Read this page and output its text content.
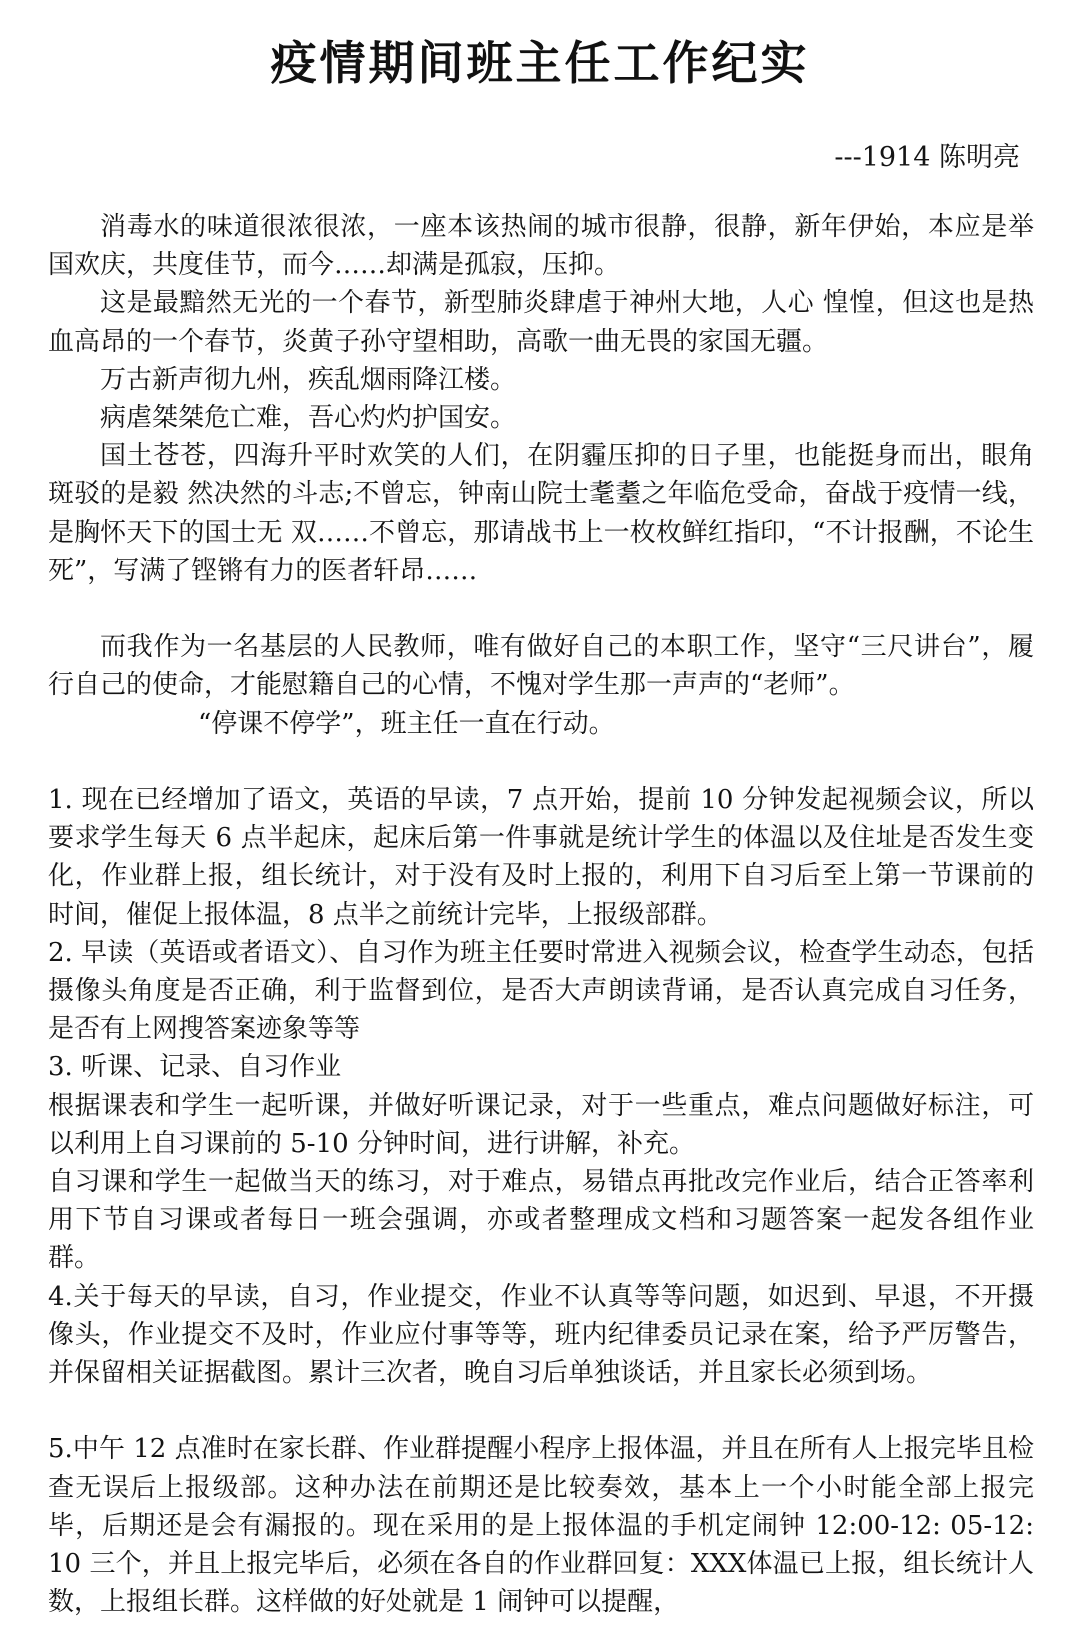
疫情期间班主任工作纪实
---1914 陈明亮

消毒水的味道很浓很浓，一座本该热闹的城市很静，很静，新年伊始，本应是举国欢庆，共度佳节，而今……却满是孤寂，压抑。

这是最黯然无光的一个春节，新型肺炎肆虐于神州大地，人心 惶惶，但这也是热血高昂的一个春节，炎黄子孙守望相助，高歌一曲无畏的家国无疆。

万古新声彻九州，疾乱烟雨降江楼。

病虐桀桀危亡难，吾心灼灼护国安。

国土苍苍，四海升平时欢笑的人们，在阴霾压抑的日子里，也能挺身而出，眼角斑驳的是毅 然决然的斗志;不曾忘，钟南山院士耄耋之年临危受命，奋战于疫情一线，是胸怀天下的国士无 双……不曾忘，那请战书上一枚枚鲜红指印，“不计报酬，不论生死”，写满了铿锵有力的医者轩昂……

而我作为一名基层的人民教师，唯有做好自己的本职工作，坚守“三尺讲台”，履行自己的使命，才能慰籍自己的心情，不愧对学生那一声声的“老师”。

“停课不停学”，班主任一直在行动。

1. 现在已经增加了语文，英语的早读，7 点开始，提前 10 分钟发起视频会议，所以要求学生每天 6 点半起床，起床后第一件事就是统计学生的体温以及住址是否发生变化，作业群上报，组长统计，对于没有及时上报的，利用下自习后至上第一节课前的时间，催促上报体温，8 点半之前统计完毕，上报级部群。

2. 早读（英语或者语文）、自习作为班主任要时常进入视频会议，检查学生动态，包括摄像头角度是否正确，利于监督到位，是否大声朗读背诵，是否认真完成自习任务，是否有上网搜答案迹象等等

3. 听课、记录、自习作业

根据课表和学生一起听课，并做好听课记录，对于一些重点，难点问题做好标注，可以利用上自习课前的 5-10 分钟时间，进行讲解，补充。

自习课和学生一起做当天的练习，对于难点，易错点再批改完作业后，结合正答率利用下节自习课或者每日一班会强调，亦或者整理成文档和习题答案一起发各组作业群。

4.关于每天的早读，自习，作业提交，作业不认真等等问题，如迟到、早退，不开摄像头，作业提交不及时，作业应付事等等，班内纪律委员记录在案，给予严厉警告，并保留相关证据截图。累计三次者，晚自习后单独谈话，并且家长必须到场。

5.中午 12 点准时在家长群、作业群提醒小程序上报体温，并且在所有人上报完毕且检查无误后上报级部。这种办法在前期还是比较奏效，基本上一个小时能全部上报完毕，后期还是会有漏报的。现在采用的是上报体温的手机定闹钟 12:00-12: 05-12: 10 三个，并且上报完毕后，必须在各自的作业群回复：XXX体温已上报，组长统计人数，上报组长群。这样做的好处就是 1 闹钟可以提醒，
